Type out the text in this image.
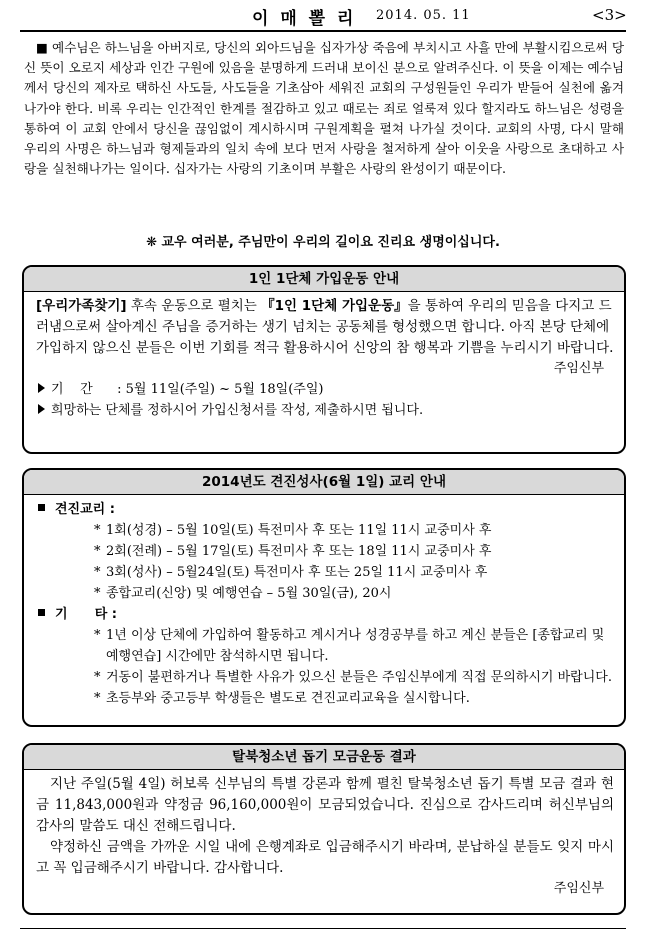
이 매 뽈 리 2014. 05. 11	<3>
■ 예수님은 하느님을 아버지로, 당신의 외아드님을 십자가상 죽음에 부치시고 사흘 만에 부활시킴으로써 당신 뜻이 오로지 세상과 인간 구원에 있음을 분명하게 드러내 보이신 분으로 알려주신다. 이 뜻을 이제는 예수님께서 당신의 제자로 택하신 사도들, 사도들을 기초삼아 세워진 교회의 구성원들인 우리가 받들어 실천에 옮겨나가야 한다. 비록 우리는 인간적인 한계를 절감하고 있고 때로는 죄로 얼룩져 있다 할지라도 하느님은 성령을 통하여 이 교회 안에서 당신을 끊임없이 계시하시며 구원계획을 펼쳐 나가실 것이다. 교회의 사명, 다시 말해 우리의 사명은 하느님과 형제들과의 일치 속에 보다 먼저 사랑을 철저하게 살아 이웃을 사랑으로 초대하고 사랑을 실천해나가는 일이다. 십자가는 사랑의 기초이며 부활은 사랑의 완성이기 때문이다.
❋ 교우 여러분, 주님만이 우리의 길이요 진리요 생명이십니다.
1인 1단체 가입운동 안내
[우리가족찾기] 후속 운동으로 펼치는 『1인 1단체 가입운동』을 통하여 우리의 믿음을 다지고 드러냄으로써 살아계신 주님을 증거하는 생기 넘치는 공동체를 형성했으면 합니다. 아직 본당 단체에 가입하지 않으신 분들은 이번 기회를 적극 활용하시어 신앙의 참 행복과 기쁨을 누리시기 바랍니다.
주임신부
기    간 : 5월 11일(주일) ~ 5월 18일(주일)
희망하는 단체를 정하시어 가입신청서를 작성, 제출하시면 됩니다.
2014년도 견진성사(6월 1일) 교리 안내
견진교리 :
* 1회(성경) – 5월 10일(토) 특전미사 후 또는 11일 11시 교중미사 후
* 2회(전례) – 5월 17일(토) 특전미사 후 또는 18일 11시 교중미사 후
* 3회(성사) – 5월24일(토) 특전미사 후 또는 25일 11시 교중미사 후
* 종합교리(신앙) 및 예행연습 – 5월 30일(금), 20시
기      타 :
* 1년 이상 단체에 가입하여 활동하고 계시거나 성경공부를 하고 계신 분들은 [종합교리 및 예행연습] 시간에만 참석하시면 됩니다.
* 거동이 불편하거나 특별한 사유가 있으신 분들은 주임신부에게 직접 문의하시기 바랍니다.
* 초등부와 중고등부 학생들은 별도로 견진교리교육을 실시합니다.
탈북청소년 돕기 모금운동 결과

지난 주일(5월 4일) 허보록 신부님의 특별 강론과 함께 펼친 탈북청소년 돕기 특별 모금 결과 현금 11,843,000원과 약정금 96,160,000원이 모금되었습니다. 진심으로 감사드리며 허신부님의 감사의 말씀도 대신 전해드립니다.

약정하신 금액을 가까운 시일 내에 은행계좌로 입금해주시기 바라며, 분납하실 분들도 잊지 마시고 꼭 입금해주시기 바랍니다. 감사합니다.

주임신부
